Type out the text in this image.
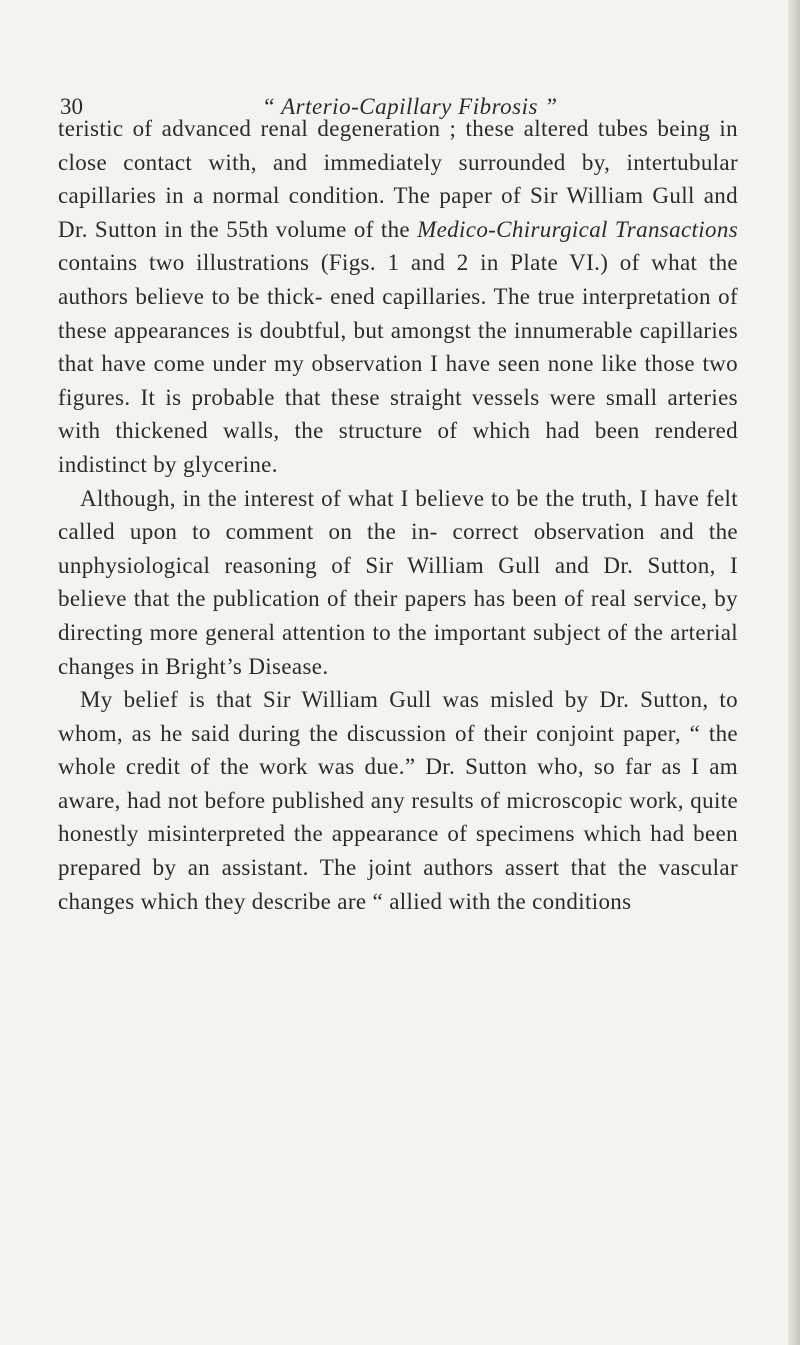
30	“ Arterio-Capillary Fibrosis ”

teristic of advanced renal degeneration ; these altered tubes being in close contact with, and immediately surrounded by, intertubular capillaries in a normal condition. The paper of Sir William Gull and Dr. Sutton in the 55th volume of the Medico-Chirurgical Transactions contains two illustrations (Figs. 1 and 2 in Plate VI.) of what the authors believe to be thick- ened capillaries. The true interpretation of these appearances is doubtful, but amongst the innumerable capillaries that have come under my observation I have seen none like those two figures. It is probable that these straight vessels were small arteries with thickened walls, the structure of which had been rendered indistinct by glycerine.

Although, in the interest of what I believe to be the truth, I have felt called upon to comment on the in- correct observation and the unphysiological reasoning of Sir William Gull and Dr. Sutton, I believe that the publication of their papers has been of real service, by directing more general attention to the important subject of the arterial changes in Bright’s Disease.

My belief is that Sir William Gull was misled by Dr. Sutton, to whom, as he said during the discussion of their conjoint paper, “ the whole credit of the work was due.” Dr. Sutton who, so far as I am aware, had not before published any results of microscopic work, quite honestly misinterpreted the appearance of specimens which had been prepared by an assistant. The joint authors assert that the vascular changes which they describe are “ allied with the conditions
